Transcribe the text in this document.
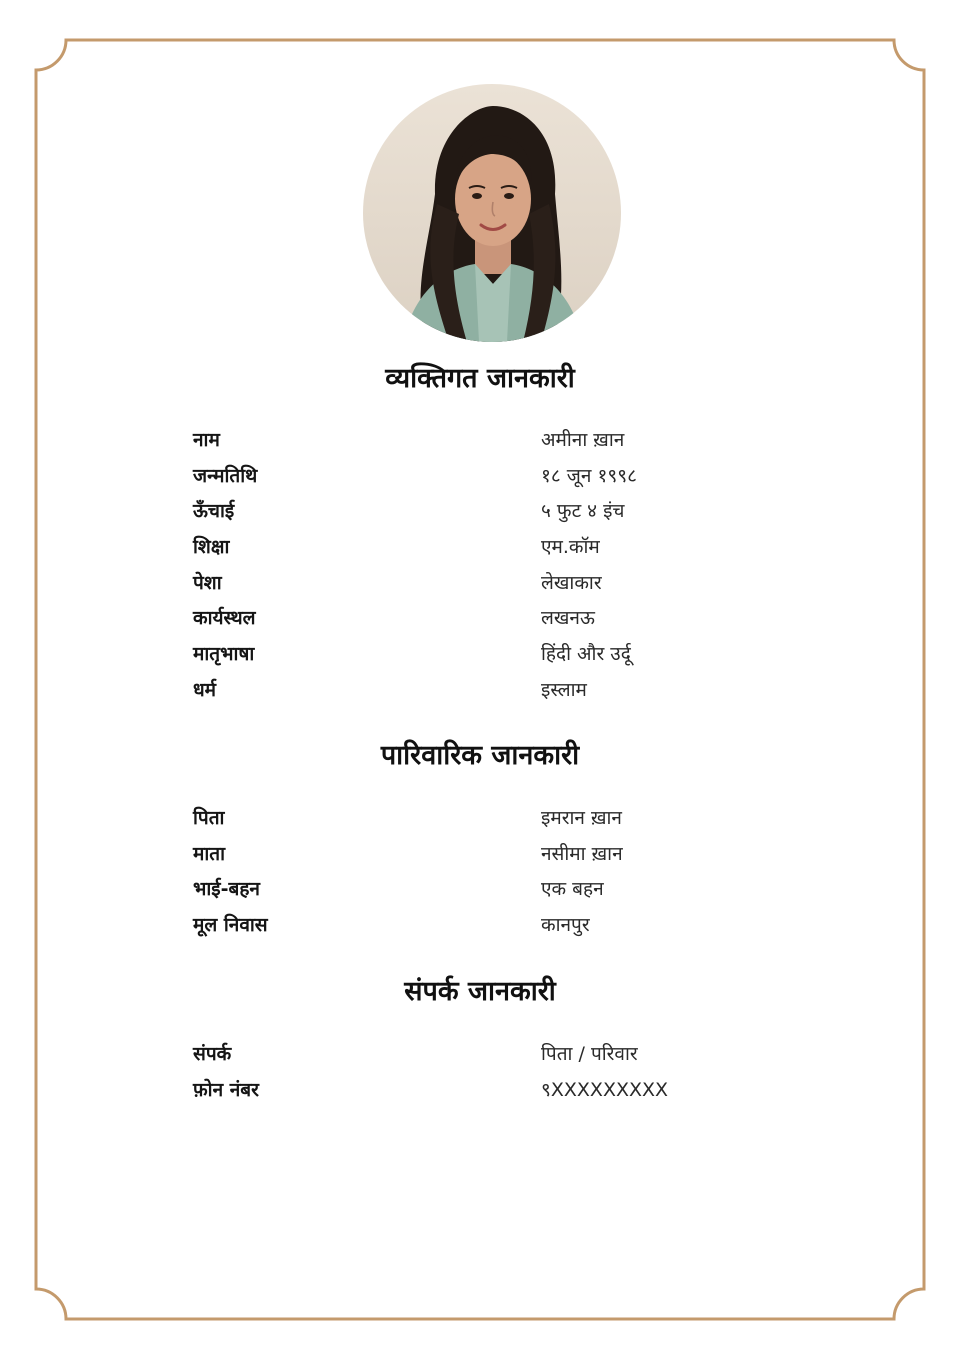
व्यक्तिगत जानकारी
नाम	अमीना ख़ान
जन्मतिथि	१८ जून १९९८
ऊँचाई	५ फुट ४ इंच
शिक्षा	एम.कॉम
पेशा	लेखाकार
कार्यस्थल	लखनऊ
मातृभाषा	हिंदी और उर्दू
धर्म	इस्लाम
पारिवारिक जानकारी
पिता	इमरान ख़ान
माता	नसीमा ख़ान
भाई-बहन	एक बहन
मूल निवास	कानपुर
संपर्क जानकारी
संपर्क	पिता / परिवार
फ़ोन नंबर	९XXXXXXXXX
